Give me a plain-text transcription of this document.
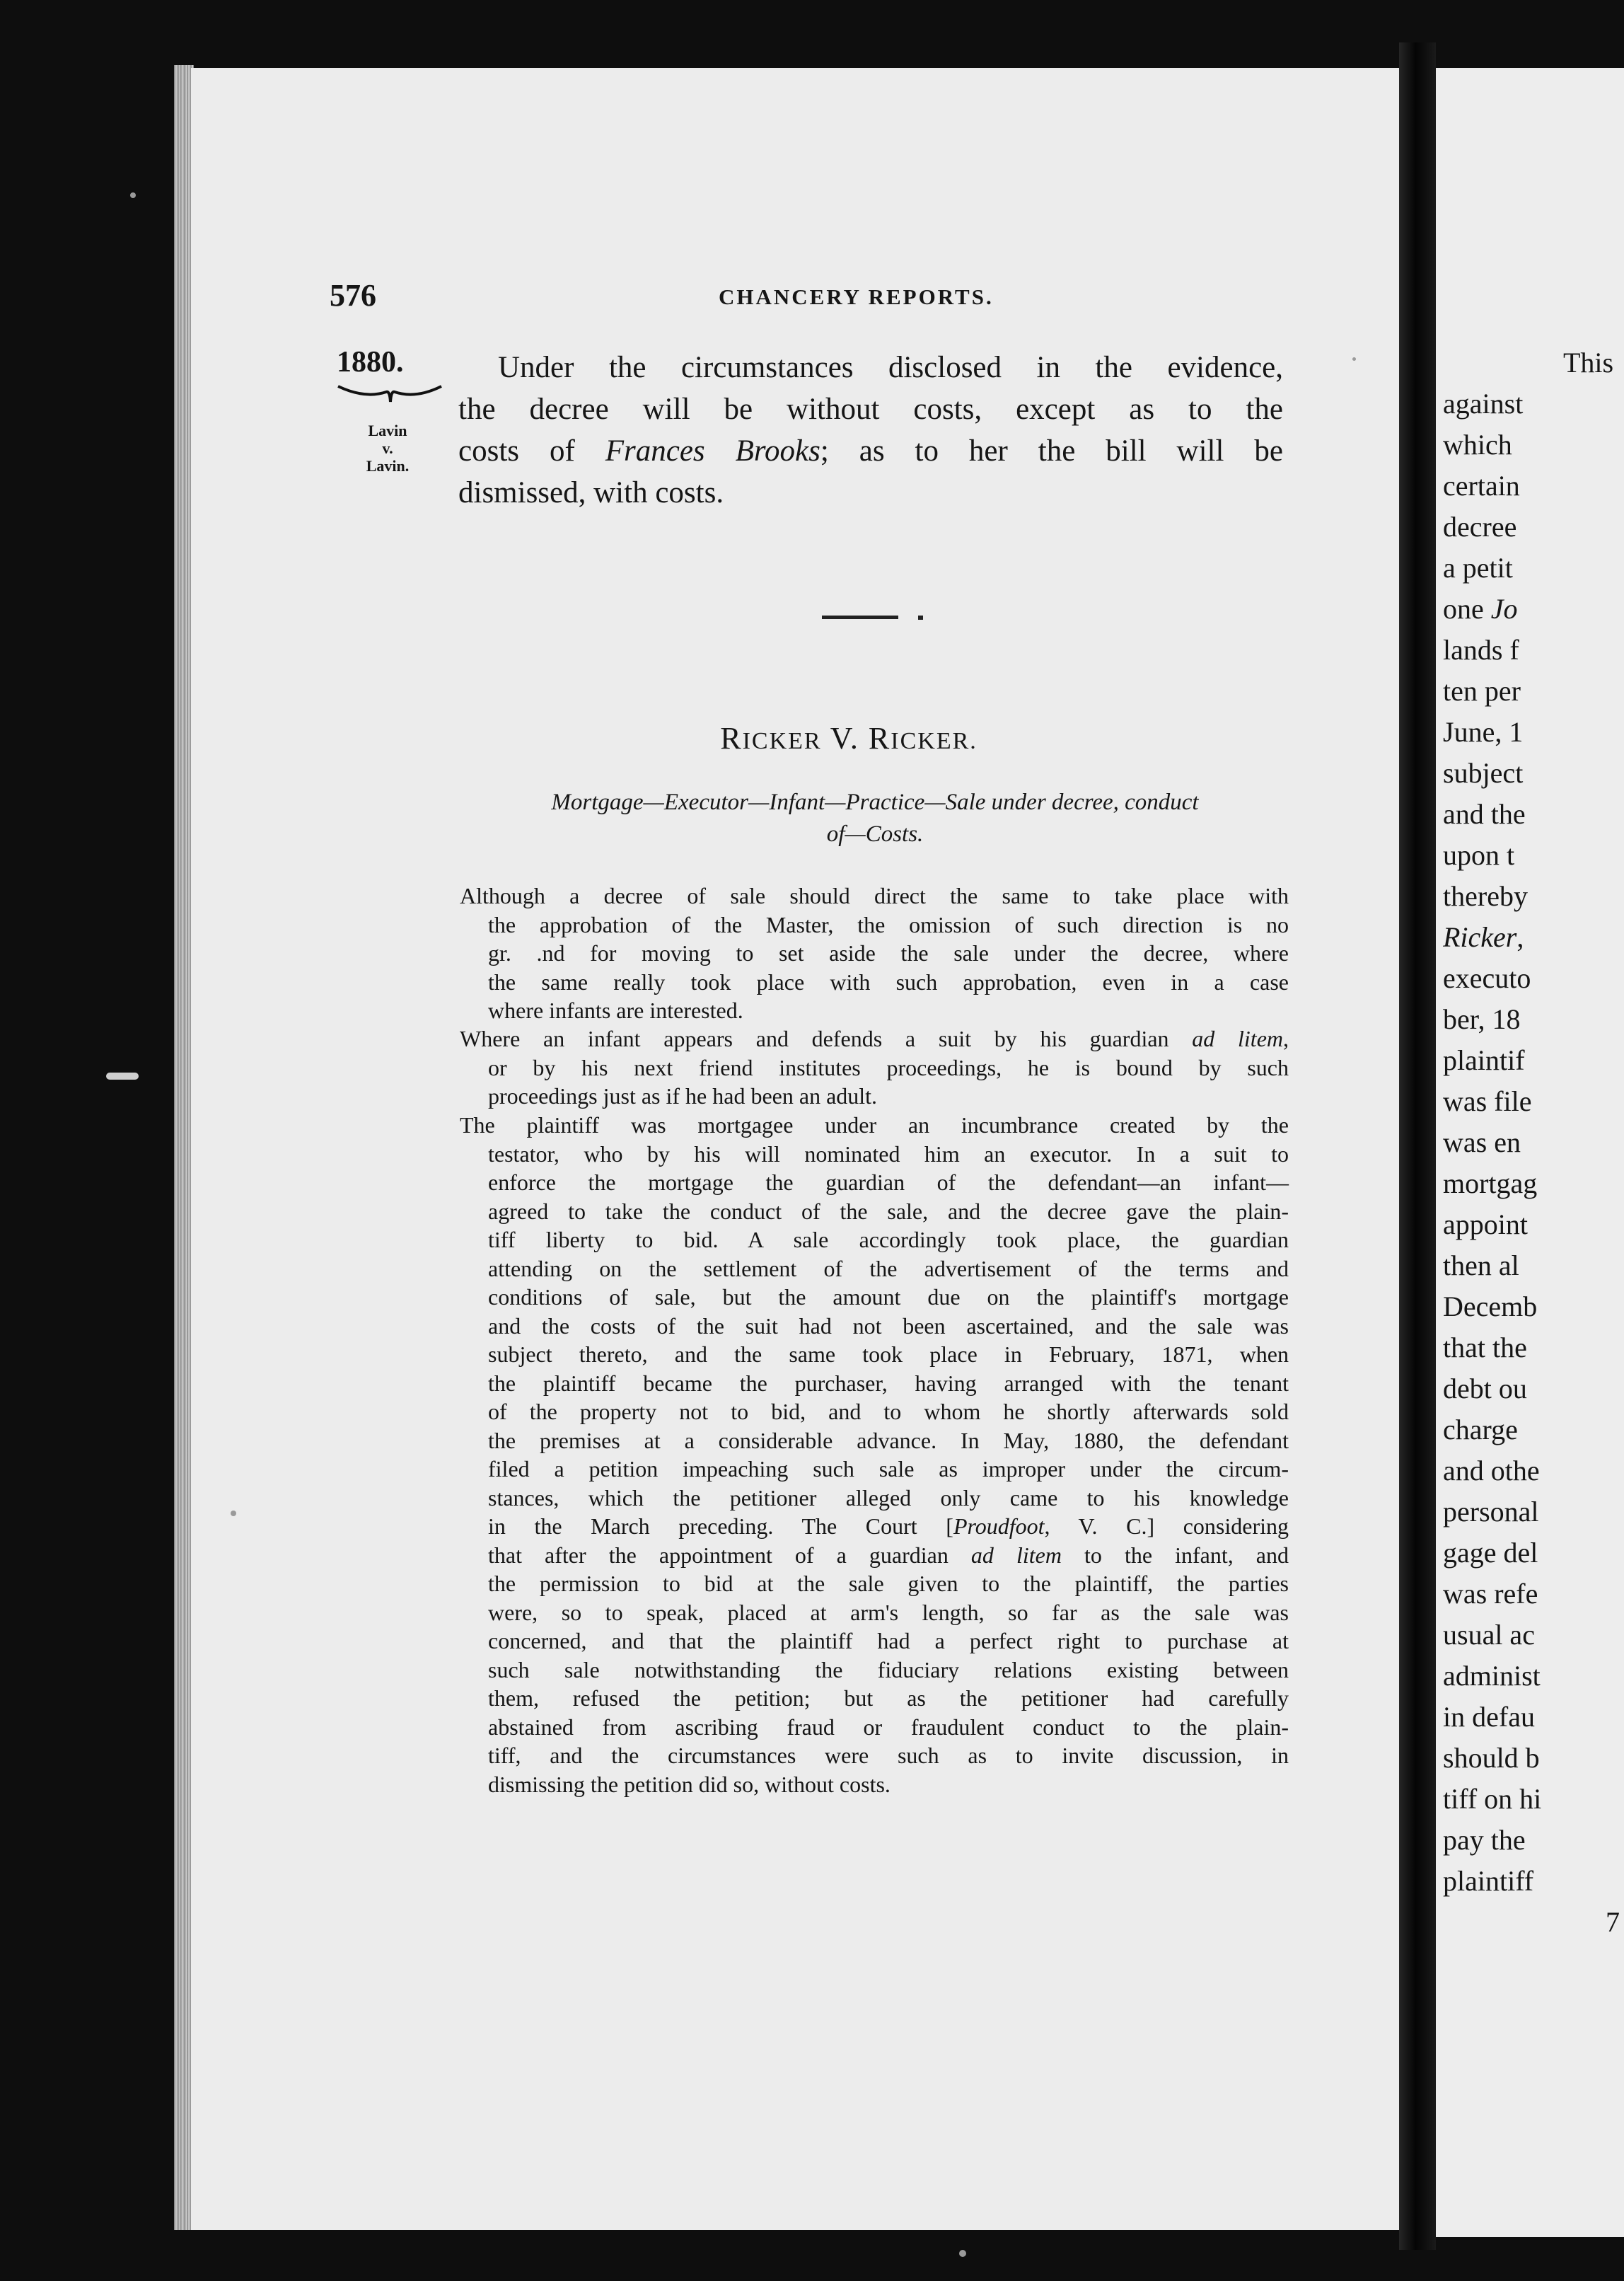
576	CHANCERY REPORTS.
1880.
Lavin
v.
Lavin.
Under the circumstances disclosed in the evidence,
the decree will be without costs, except as to the
costs of Frances Brooks; as to her the bill will be
dismissed, with costs.
RICKER V. RICKER.
Mortgage—Executor—Infant—Practice—Sale under decree, conduct
of—Costs.
Although a decree of sale should direct the same to take place with
the approbation of the Master, the omission of such direction is no
gr. .nd for moving to set aside the sale under the decree, where
the same really took place with such approbation, even in a case
where infants are interested.
Where an infant appears and defends a suit by his guardian ad litem,
or by his next friend institutes proceedings, he is bound by such
proceedings just as if he had been an adult.
The plaintiff was mortgagee under an incumbrance created by the
testator, who by his will nominated him an executor. In a suit to
enforce the mortgage the guardian of the defendant—an infant—
agreed to take the conduct of the sale, and the decree gave the plain-
tiff liberty to bid. A sale accordingly took place, the guardian
attending on the settlement of the advertisement of the terms and
conditions of sale, but the amount due on the plaintiff's mortgage
and the costs of the suit had not been ascertained, and the sale was
subject thereto, and the same took place in February, 1871, when
the plaintiff became the purchaser, having arranged with the tenant
of the property not to bid, and to whom he shortly afterwards sold
the premises at a considerable advance. In May, 1880, the defendant
filed a petition impeaching such sale as improper under the circum-
stances, which the petitioner alleged only came to his knowledge
in the March preceding. The Court [Proudfoot, V. C.] considering
that after the appointment of a guardian ad litem to the infant, and
the permission to bid at the sale given to the plaintiff, the parties
were, so to speak, placed at arm's length, so far as the sale was
concerned, and that the plaintiff had a perfect right to purchase at
such sale notwithstanding the fiduciary relations existing between
them, refused the petition; but as the petitioner had carefully
abstained from ascribing fraud or fraudulent conduct to the plain-
tiff, and the circumstances were such as to invite discussion, in
dismissing the petition did so, without costs.
This
against
which
certain
decree
a petit
one Jo
lands f
ten per
June, 1
subject
and the
upon t
thereby
Ricker,
executo
ber, 18
plaintif
was file
was en
mortgag
appoint
then al
Decemb
that the
debt ou
charge
and othe
personal
gage del
was refe
usual ac
administ
in defau
should b
tiff on hi
pay the
plaintiff
7
